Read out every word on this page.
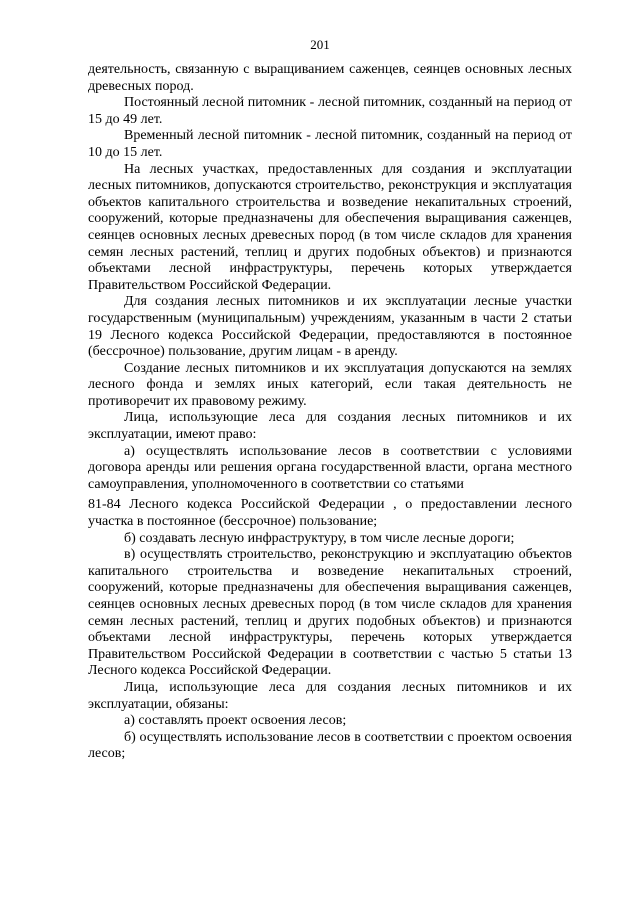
201

деятельность, связанную с выращиванием саженцев, сеянцев основных лесных древесных пород.

Постоянный лесной питомник - лесной питомник, созданный на период от 15 до 49 лет.

Временный лесной питомник - лесной питомник, созданный на период от 10 до 15 лет.

На лесных участках, предоставленных для создания и эксплуатации лесных питомников, допускаются строительство, реконструкция и эксплуатация объектов капитального строительства и возведение некапитальных строений, сооружений, которые предназначены для обеспечения выращивания саженцев, сеянцев основных лесных древесных пород (в том числе складов для хранения семян лесных растений, теплиц и других подобных объектов) и признаются объектами лесной инфраструктуры, перечень которых утверждается Правительством Российской Федерации.

Для создания лесных питомников и их эксплуатации лесные участки государственным (муниципальным) учреждениям, указанным в части 2 статьи 19 Лесного кодекса Российской Федерации, предоставляются в постоянное (бессрочное) пользование, другим лицам - в аренду.

Создание лесных питомников и их эксплуатация допускаются на землях лесного фонда и землях иных категорий, если такая деятельность не противоречит их правовому режиму.

Лица, использующие леса для создания лесных питомников и их эксплуатации, имеют право:

а) осуществлять использование лесов в соответствии с условиями договора аренды или решения органа государственной власти, органа местного самоуправления, уполномоченного в соответствии со статьями

81-84 Лесного кодекса Российской Федерации , о предоставлении лесного участка в постоянное (бессрочное) пользование;

б) создавать лесную инфраструктуру, в том числе лесные дороги;

в) осуществлять строительство, реконструкцию и эксплуатацию объектов капитального строительства и возведение некапитальных строений, сооружений, которые предназначены для обеспечения выращивания саженцев, сеянцев основных лесных древесных пород (в том числе складов для хранения семян лесных растений, теплиц и других подобных объектов) и признаются объектами лесной инфраструктуры, перечень которых утверждается Правительством Российской Федерации в соответствии с частью 5 статьи 13 Лесного кодекса Российской Федерации.

Лица, использующие леса для создания лесных питомников и их эксплуатации, обязаны:

а) составлять проект освоения лесов;

б) осуществлять использование лесов в соответствии с проектом освоения лесов;
